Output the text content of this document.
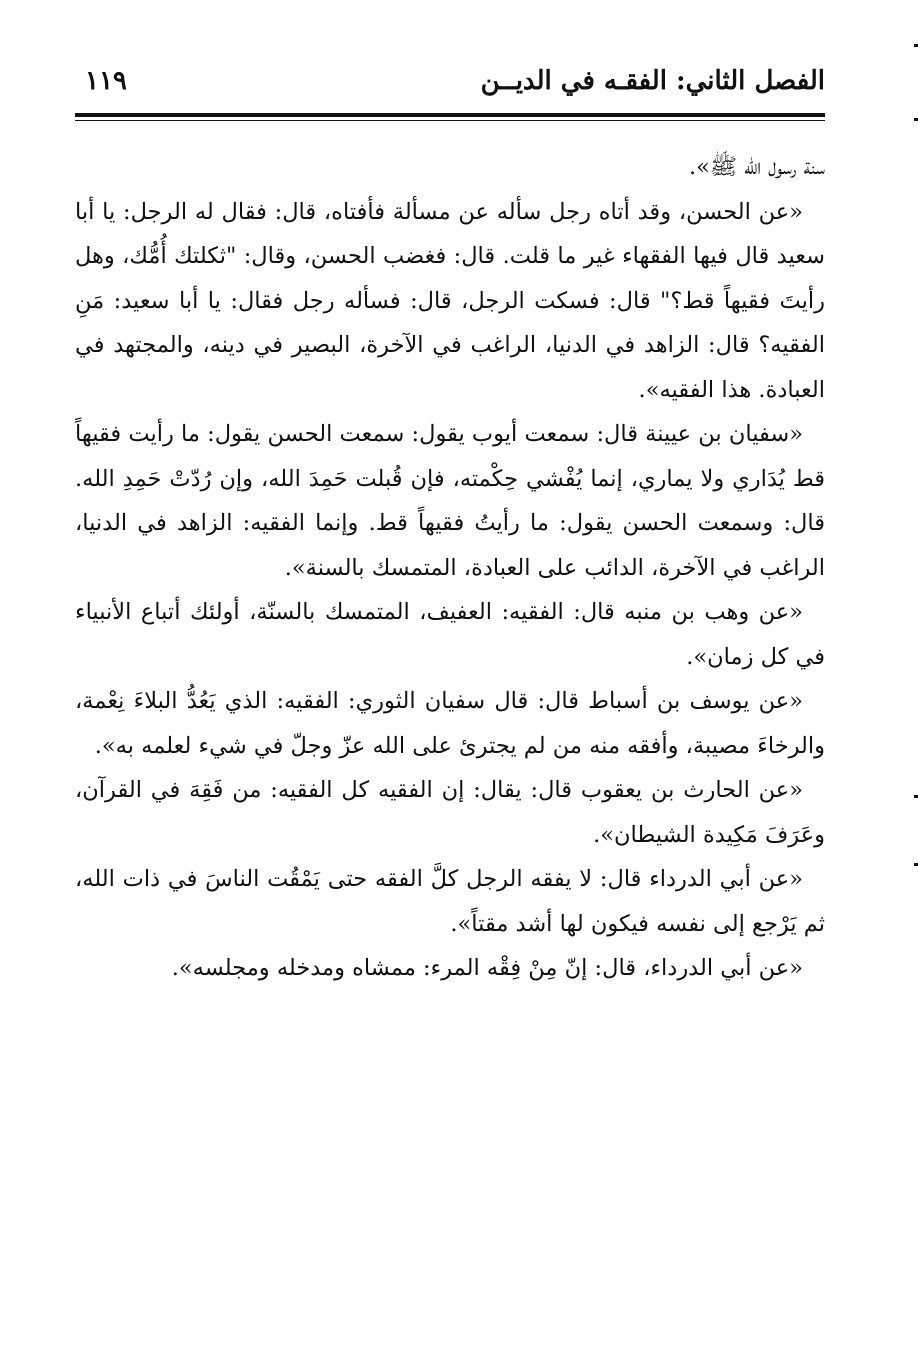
الفصل الثاني: الفقـه في الديــن
١١٩

سنة رسول الله ﷺ».

«عن الحسن، وقد أتاه رجل سأله عن مسألة فأفتاه، قال: فقال له الرجل: يا أبا سعيد قال فيها الفقهاء غير ما قلت. قال: فغضب الحسن، وقال: "ثكلتك أُمُّك، وهل رأيتَ فقيهاً قط؟" قال: فسكت الرجل، قال: فسأله رجل فقال: يا أبا سعيد: مَنِ الفقيه؟ قال: الزاهد في الدنيا، الراغب في الآخرة، البصير في دينه، والمجتهد في العبادة. هذا الفقيه».

«سفيان بن عيينة قال: سمعت أيوب يقول: سمعت الحسن يقول: ما رأيت فقيهاً قط يُدَاري ولا يماري، إنما يُفْشي حِكْمته، فإن قُبلت حَمِدَ الله، وإن رُدّتْ حَمِدِ الله. قال: وسمعت الحسن يقول: ما رأيتُ فقيهاً قط. وإنما الفقيه: الزاهد في الدنيا، الراغب في الآخرة، الدائب على العبادة، المتمسك بالسنة».

«عن وهب بن منبه قال: الفقيه: العفيف، المتمسك بالسنّة، أولئك أتباع الأنبياء في كل زمان».

«عن يوسف بن أسباط قال: قال سفيان الثوري: الفقيه: الذي يَعُدُّ البلاءَ نِعْمة، والرخاءَ مصيبة، وأفقه منه من لم يجترئ على الله عزّ وجلّ في شيء لعلمه به».

«عن الحارث بن يعقوب قال: يقال: إن الفقيه كل الفقيه: من فَقِهَ في القرآن، وعَرَفَ مَكِيدة الشيطان».

«عن أبي الدرداء قال: لا يفقه الرجل كلَّ الفقه حتى يَمْقُت الناسَ في ذات الله، ثم يَرْجع إلى نفسه فيكون لها أشد مقتاً».

«عن أبي الدرداء، قال: إنّ مِنْ فِقْه المرء: ممشاه ومدخله ومجلسه».
